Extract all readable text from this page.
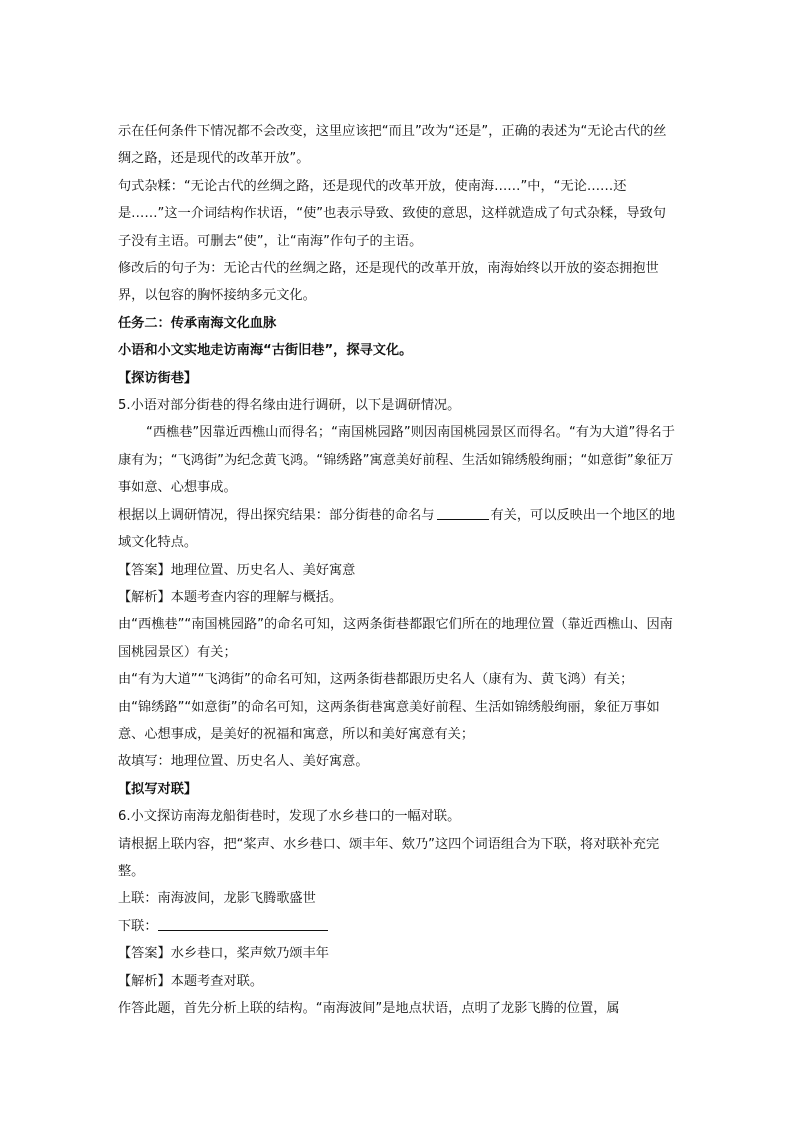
示在任何条件下情况都不会改变，这里应该把“而且”改为“还是”，正确的表述为“无论古代的丝绸之路，还是现代的改革开放”。

句式杂糅：“无论古代的丝绸之路，还是现代的改革开放，使南海……”中，“无论……还是……”这一介词结构作状语，“使”也表示导致、致使的意思，这样就造成了句式杂糅，导致句子没有主语。可删去“使”，让“南海”作句子的主语。

修改后的句子为：无论古代的丝绸之路，还是现代的改革开放，南海始终以开放的姿态拥抱世界，以包容的胸怀接纳多元文化。

任务二：传承南海文化血脉

小语和小文实地走访南海“古街旧巷”，探寻文化。

【探访街巷】

5.小语对部分街巷的得名缘由进行调研，以下是调研情况。

“西樵巷”因靠近西樵山而得名；“南国桃园路”则因南国桃园景区而得名。“有为大道”得名于康有为；“飞鸿街”为纪念黄飞鸿。“锦绣路”寓意美好前程、生活如锦绣般绚丽；“如意街”象征万事如意、心想事成。

根据以上调研情况，得出探究结果：部分街巷的命名与	有关，可以反映出一个地区的地域文化特点。

【答案】地理位置、历史名人、美好寓意

【解析】本题考查内容的理解与概括。

由“西樵巷”“南国桃园路”的命名可知，这两条街巷都跟它们所在的地理位置（靠近西樵山、因南国桃园景区）有关；

由“有为大道”“飞鸿街”的命名可知，这两条街巷都跟历史名人（康有为、黄飞鸿）有关；

由“锦绣路”“如意街”的命名可知，这两条街巷寓意美好前程、生活如锦绣般绚丽，象征万事如意、心想事成，是美好的祝福和寓意，所以和美好寓意有关；

故填写：地理位置、历史名人、美好寓意。

【拟写对联】

6.小文探访南海龙船街巷时，发现了水乡巷口的一幅对联。

请根据上联内容，把“桨声、水乡巷口、颂丰年、欸乃”这四个词语组合为下联，将对联补充完整。

上联：南海波间，龙影飞腾歌盛世

下联：

【答案】水乡巷口，桨声欸乃颂丰年

【解析】本题考查对联。

作答此题，首先分析上联的结构。“南海波间”是地点状语，点明了龙影飞腾的位置，属
